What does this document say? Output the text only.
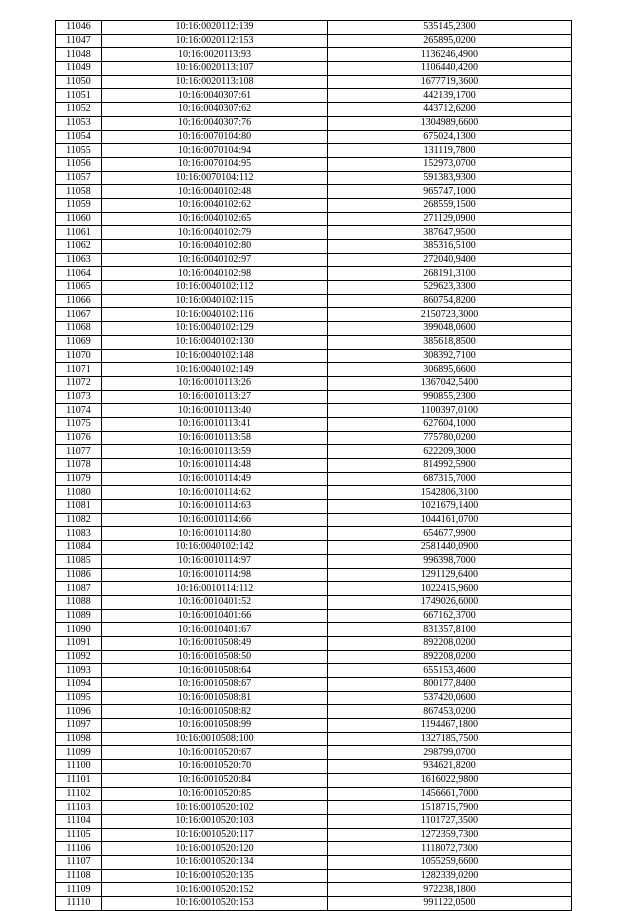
11046	10:16:0020112:139	535145,2300
11047	10:16:0020112:153	265895,0200
11048	10:16:0020113:93	1136246,4900
11049	10:16:0020113:107	1106440,4200
11050	10:16:0020113:108	1677719,3600
11051	10:16:0040307:61	442139,1700
11052	10:16:0040307:62	443712,6200
11053	10:16:0040307:76	1304989,6600
11054	10:16:0070104:80	675024,1300
11055	10:16:0070104:94	131119,7800
11056	10:16:0070104:95	152973,0700
11057	10:16:0070104:112	591383,9300
11058	10:16:0040102:48	965747,1000
11059	10:16:0040102:62	268559,1500
11060	10:16:0040102:65	271129,0900
11061	10:16:0040102:79	387647,9500
11062	10:16:0040102:80	385316,5100
11063	10:16:0040102:97	272040,9400
11064	10:16:0040102:98	268191,3100
11065	10:16:0040102:112	529623,3300
11066	10:16:0040102:115	860754,8200
11067	10:16:0040102:116	2150723,3000
11068	10:16:0040102:129	399048,0600
11069	10:16:0040102:130	385618,8500
11070	10:16:0040102:148	308392,7100
11071	10:16:0040102:149	306895,6600
11072	10:16:0010113:26	1367042,5400
11073	10:16:0010113:27	990855,2300
11074	10:16:0010113:40	1100397,0100
11075	10:16:0010113:41	627604,1000
11076	10:16:0010113:58	775780,0200
11077	10:16:0010113:59	622209,3000
11078	10:16:0010114:48	814992,5900
11079	10:16:0010114:49	687315,7000
11080	10:16:0010114:62	1542806,3100
11081	10:16:0010114:63	1021679,1400
11082	10:16:0010114:66	1044161,0700
11083	10:16:0010114:80	654677,9900
11084	10:16:0040102:142	2581440,0900
11085	10:16:0010114:97	996398,7000
11086	10:16:0010114:98	1291129,6400
11087	10:16:0010114:112	1022415,9600
11088	10:16:0010401:52	1749026,6000
11089	10:16:0010401:66	667162,3700
11090	10:16:0010401:67	831357,8100
11091	10:16:0010508:49	892208,0200
11092	10:16:0010508:50	892208,0200
11093	10:16:0010508:64	655153,4600
11094	10:16:0010508:67	800177,8400
11095	10:16:0010508:81	537420,0600
11096	10:16:0010508:82	867453,0200
11097	10:16:0010508:99	1194467,1800
11098	10:16:0010508:100	1327185,7500
11099	10:16:0010520:67	298799,0700
11100	10:16:0010520:70	934621,8200
11101	10:16:0010520:84	1616022,9800
11102	10:16:0010520:85	1456661,7000
11103	10:16:0010520:102	1518715,7900
11104	10:16:0010520:103	1101727,3500
11105	10:16:0010520:117	1272359,7300
11106	10:16:0010520:120	1118072,7300
11107	10:16:0010520:134	1055259,6600
11108	10:16:0010520:135	1282339,0200
11109	10:16:0010520:152	972238,1800
11110	10:16:0010520:153	991122,0500
